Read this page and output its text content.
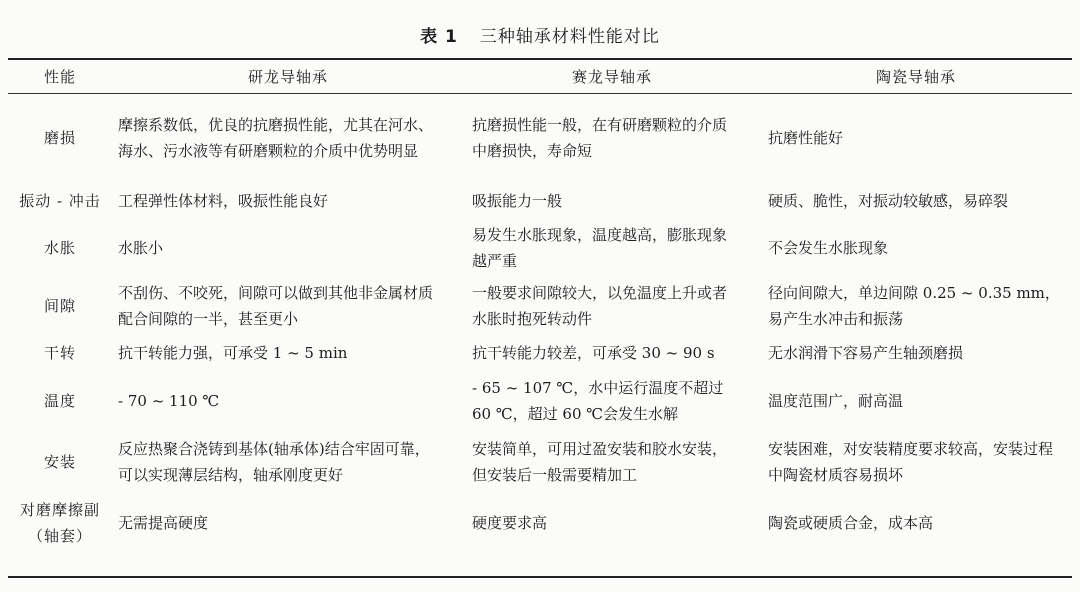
表 1 三种轴承材料性能对比
性能	研龙导轴承	赛龙导轴承	陶瓷导轴承
磨损	摩擦系数低，优良的抗磨损性能，尤其在河水、海水、污水液等有研磨颗粒的介质中优势明显	抗磨损性能一般，在有研磨颗粒的介质中磨损快，寿命短	抗磨性能好
振动 - 冲击	工程弹性体材料，吸振性能良好	吸振能力一般	硬质、脆性，对振动较敏感，易碎裂
水胀	水胀小	易发生水胀现象，温度越高，膨胀现象越严重	不会发生水胀现象
间隙	不刮伤、不咬死，间隙可以做到其他非金属材质配合间隙的一半，甚至更小	一般要求间隙较大，以免温度上升或者水胀时抱死转动件	径向间隙大，单边间隙 0.25 ~ 0.35 mm，易产生水冲击和振荡
干转	抗干转能力强，可承受 1 ~ 5 min	抗干转能力较差，可承受 30 ~ 90 s	无水润滑下容易产生轴颈磨损
温度	- 70 ~ 110 ℃	- 65 ~ 107 ℃，水中运行温度不超过 60 ℃，超过 60 ℃会发生水解	温度范围广，耐高温
安装	反应热聚合浇铸到基体(轴承体)结合牢固可靠，可以实现薄层结构，轴承刚度更好	安装简单，可用过盈安装和胶水安装，但安装后一般需要精加工	安装困难，对安装精度要求较高，安装过程中陶瓷材质容易损坏
对磨摩擦副（轴套）	无需提高硬度	硬度要求高	陶瓷或硬质合金，成本高
